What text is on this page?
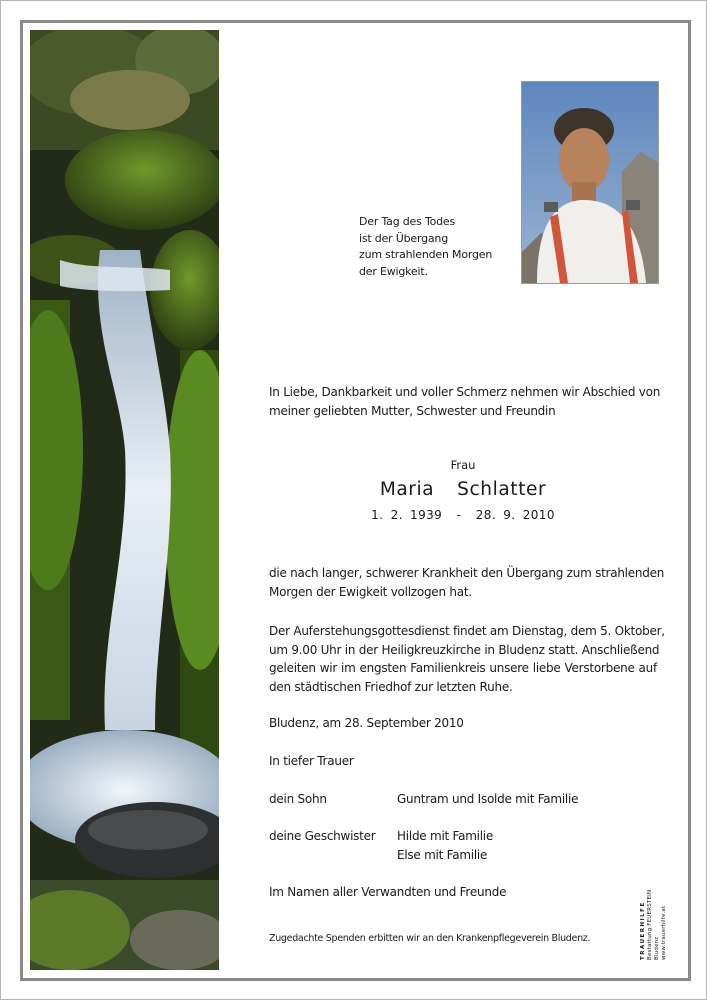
Der Tag des Todes
ist der Übergang
zum strahlenden Morgen
der Ewigkeit.
In Liebe, Dankbarkeit und voller Schmerz nehmen wir Abschied von
meiner geliebten Mutter, Schwester und Freundin
Frau
Maria  Schlatter
1. 2. 1939  -  28. 9. 2010
die nach langer, schwerer Krankheit den Übergang zum strahlenden
Morgen der Ewigkeit vollzogen hat.
Der Auferstehungsgottesdienst findet am Dienstag, dem 5. Oktober,
um 9.00 Uhr in der Heiligkreuzkirche in Bludenz statt. Anschließend
geleiten wir im engsten Familienkreis unsere liebe Verstorbene auf
den städtischen Friedhof zur letzten Ruhe.
Bludenz, am 28. September 2010
In tiefer Trauer
dein Sohn	Guntram und Isolde mit Familie
deine Geschwister Hilde mit Familie
Else mit Familie
Im Namen aller Verwandten und Freunde
Zugedachte Spenden erbitten wir an den Krankenpflegeverein Bludenz.	TRAUERHILFE Bestattung FEUERSTEIN Bludenz www.trauerhilfe.at
